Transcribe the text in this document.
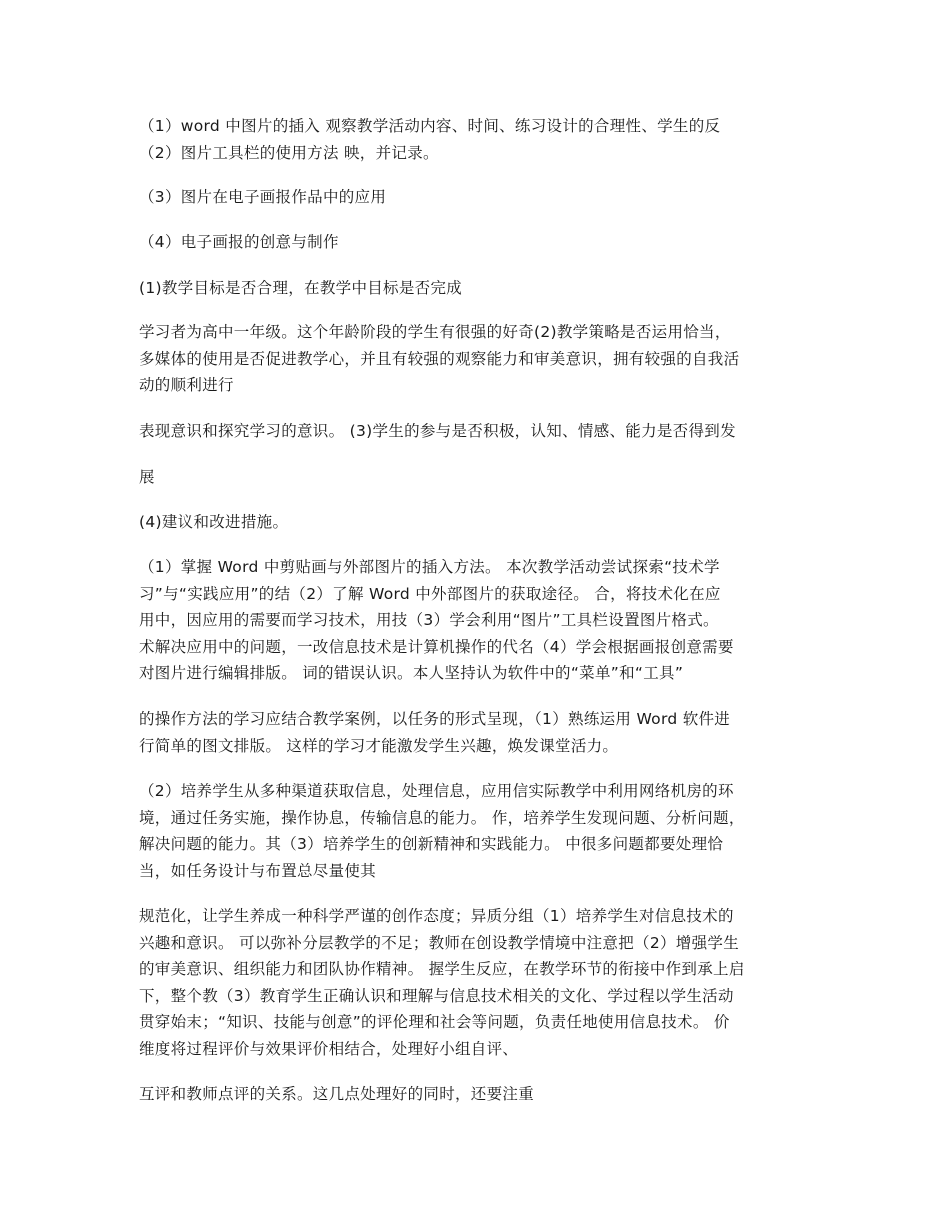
（1）word 中图片的插入 观察教学活动内容、时间、练习设计的合理性、学生的反
（2）图片工具栏的使用方法 映，并记录。
（3）图片在电子画报作品中的应用
（4）电子画报的创意与制作
(1)教学目标是否合理，在教学中目标是否完成
学习者为高中一年级。这个年龄阶段的学生有很强的好奇(2)教学策略是否运用恰当，
多媒体的使用是否促进教学心，并且有较强的观察能力和审美意识，拥有较强的自我活
动的顺利进行
表现意识和探究学习的意识。 (3)学生的参与是否积极，认知、情感、能力是否得到发
展
(4)建议和改进措施。
（1）掌握 Word 中剪贴画与外部图片的插入方法。 本次教学活动尝试探索“技术学
习”与“实践应用”的结（2）了解 Word 中外部图片的获取途径。 合，将技术化在应
用中，因应用的需要而学习技术，用技（3）学会利用“图片”工具栏设置图片格式。
术解决应用中的问题，一改信息技术是计算机操作的代名（4）学会根据画报创意需要
对图片进行编辑排版。 词的错误认识。本人坚持认为软件中的“菜单”和“工具”
的操作方法的学习应结合教学案例，以任务的形式呈现，（1）熟练运用 Word 软件进
行简单的图文排版。 这样的学习才能激发学生兴趣，焕发课堂活力。
（2）培养学生从多种渠道获取信息，处理信息，应用信实际教学中利用网络机房的环
境，通过任务实施，操作协息，传输信息的能力。 作，培养学生发现问题、分析问题，
解决问题的能力。其（3）培养学生的创新精神和实践能力。 中很多问题都要处理恰
当，如任务设计与布置总尽量使其
规范化，让学生养成一种科学严谨的创作态度；异质分组（1）培养学生对信息技术的
兴趣和意识。 可以弥补分层教学的不足；教师在创设教学情境中注意把（2）增强学生
的审美意识、组织能力和团队协作精神。 握学生反应，在教学环节的衔接中作到承上启
下，整个教（3）教育学生正确认识和理解与信息技术相关的文化、学过程以学生活动
贯穿始末；“知识、技能与创意”的评伦理和社会等问题，负责任地使用信息技术。 价
维度将过程评价与效果评价相结合，处理好小组自评、
互评和教师点评的关系。这几点处理好的同时，还要注重
